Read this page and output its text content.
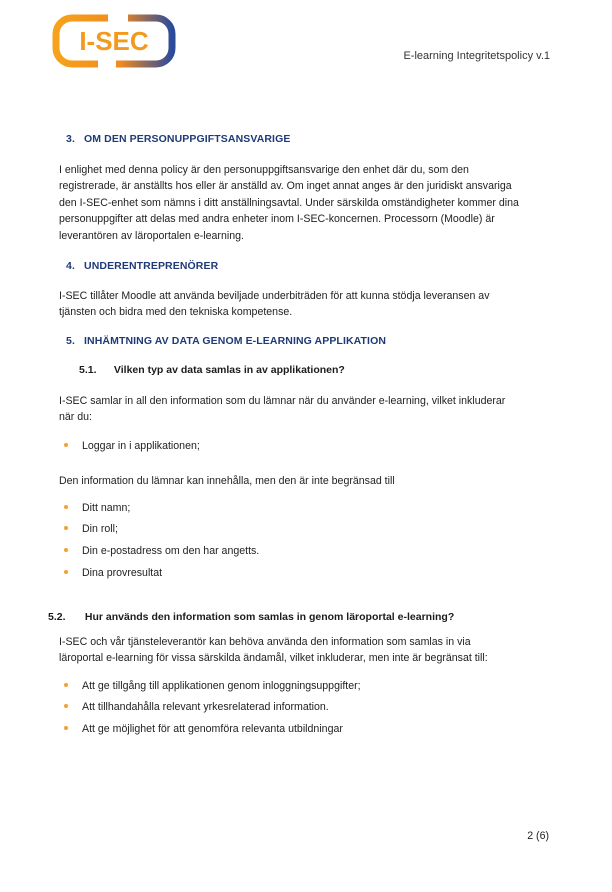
I-SEC	E-learning Integritetspolicy v.1
3. OM DEN PERSONUPPGIFTSANSVARIGE

I enlighet med denna policy är den personuppgiftsansvarige den enhet där du, som den
registrerade, är anställts hos eller är anställd av. Om inget annat anges är den juridiskt ansvariga
den I-SEC-enhet som nämns i ditt anställningsavtal. Under särskilda omständigheter kommer dina
personuppgifter att delas med andra enheter inom I-SEC-koncernen. Processorn (Moodle) är
leverantören av läroportalen e-learning.

4. UNDERENTREPRENÖRER

I-SEC tillåter Moodle att använda beviljade underbiträden för att kunna stödja leveransen av
tjänsten och bidra med den tekniska kompetense.

5. INHÄMTNING AV DATA GENOM E-LEARNING APPLIKATION
5.1. Vilken typ av data samlas in av applikationen?

I-SEC samlar in all den information som du lämnar när du använder e-learning, vilket inkluderar
när du:

Loggar in i applikationen;

Den information du lämnar kan innehålla, men den är inte begränsad till

Ditt namn;
Din roll;
Din e-postadress om den har angetts.
Dina provresultat
5.2. Hur används den information som samlas in genom läroportal e-learning?

I-SEC och vår tjänsteleverantör kan behöva använda den information som samlas in via
läroportal e-learning för vissa särskilda ändamål, vilket inkluderar, men inte är begränsat till:

Att ge tillgång till applikationen genom inloggningsuppgifter;
Att tillhandahålla relevant yrkesrelaterad information.
Att ge möjlighet för att genomföra relevanta utbildningar
2 (6)
